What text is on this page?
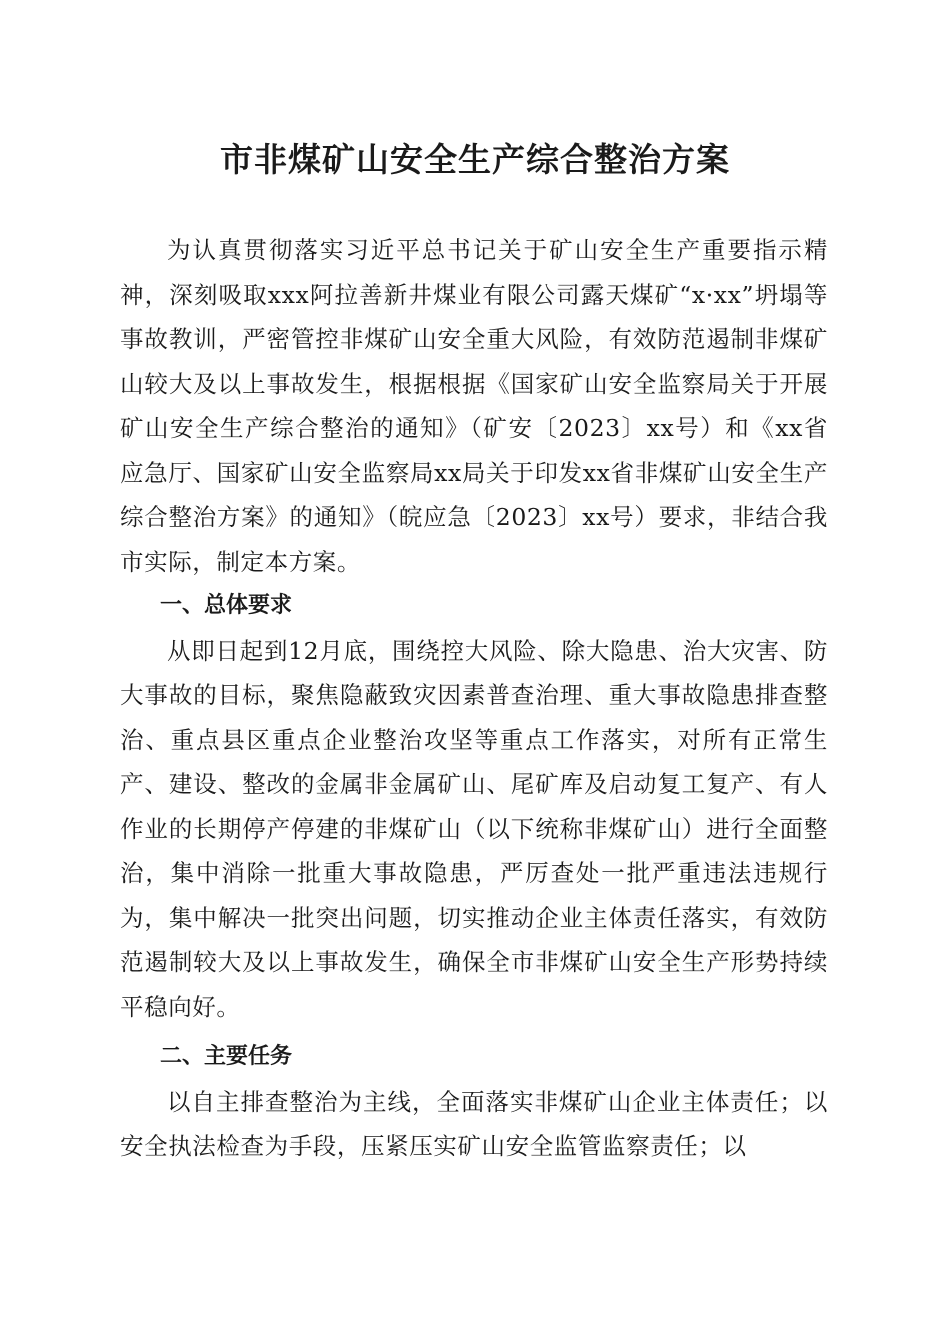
市非煤矿山安全生产综合整治方案

为认真贯彻落实习近平总书记关于矿山安全生产重要指示精神，深刻吸取xxx阿拉善新井煤业有限公司露天煤矿“x·xx”坍塌等事故教训，严密管控非煤矿山安全重大风险，有效防范遏制非煤矿山较大及以上事故发生，根据根据《国家矿山安全监察局关于开展矿山安全生产综合整治的通知》（矿安〔2023〕xx号）和《xx省应急厅、国家矿山安全监察局xx局关于印发xx省非煤矿山安全生产综合整治方案》的通知》（皖应急〔2023〕xx号）要求，非结合我市实际，制定本方案。

一、总体要求

从即日起到12月底，围绕控大风险、除大隐患、治大灾害、防大事故的目标，聚焦隐蔽致灾因素普查治理、重大事故隐患排查整治、重点县区重点企业整治攻坚等重点工作落实，对所有正常生产、建设、整改的金属非金属矿山、尾矿库及启动复工复产、有人作业的长期停产停建的非煤矿山（以下统称非煤矿山）进行全面整治，集中消除一批重大事故隐患，严厉查处一批严重违法违规行为，集中解决一批突出问题，切实推动企业主体责任落实，有效防范遏制较大及以上事故发生，确保全市非煤矿山安全生产形势持续平稳向好。

二、主要任务

以自主排查整治为主线，全面落实非煤矿山企业主体责任；以安全执法检查为手段，压紧压实矿山安全监管监察责任；以
